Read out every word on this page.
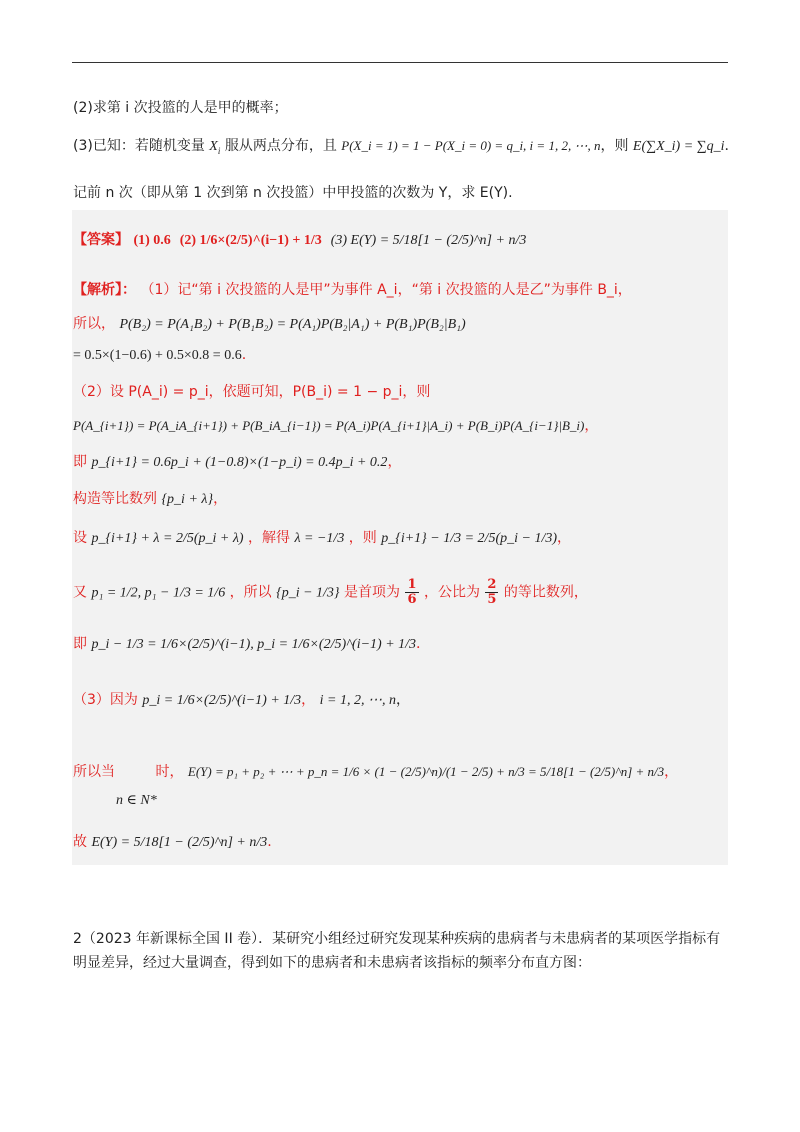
(2)求第 i 次投篮的人是甲的概率；
(3)已知：若随机变量 $X_i$ 服从两点分布，且 P(X_i = 1) = 1 − P(X_i = 0) = q_i, i = 1, 2, ⋯, n，则 E(∑X_i) = ∑q_i.
记前 n 次（即从第 1 次到第 n 次投篮）中甲投篮的次数为 Y，求 E(Y).
【答案】 (1) 0.6 (2) 1/6×(2/5)^(i−1) + 1/3 (3) E(Y) = 5/18[1 − (2/5)^n] + n/3
【解析】： （1）记“第 i 次投篮的人是甲”为事件 A_i，“第 i 次投篮的人是乙”为事件 B_i，
所以， P(B₂) = P(A₁B₂) + P(B₁B₂) = P(A₁)P(B₂|A₁) + P(B₁)P(B₂|B₁)
= 0.5×(1−0.6) + 0.5×0.8 = 0.6.
（2）设 P(A_i) = p_i，依题可知，P(B_i) = 1 − p_i，则
P(A_{i+1}) = P(A_iA_{i+1}) + P(B_iA_{i−1}) = P(A_i)P(A_{i+1}|A_i) + P(B_i)P(A_{i−1}|B_i)，
即 p_{i+1} = 0.6p_i + (1−0.8)×(1−p_i) = 0.4p_i + 0.2，
构造等比数列 {p_i + λ}，
设 p_{i+1} + λ = 2/5(p_i + λ) ，解得 λ = −1/3 ，则 p_{i+1} − 1/3 = 2/5(p_i − 1/3)，
又 p₁ = 1/2, p₁ − 1/3 = 1/6 ，所以 {p_i − 1/3} 是首项为 $\frac{1}{6}$ ，公比为 $\frac{2}{5}$ 的等比数列，
即 p_i − 1/3 = 1/6×(2/5)^(i−1), p_i = 1/6×(2/5)^(i−1) + 1/3.
（3）因为 p_i = 1/6×(2/5)^(i−1) + 1/3， i = 1, 2, ⋯, n，
所以当	时， E(Y) = p₁ + p₂ + ⋯ + p_n = 1/6 × (1 − (2/5)^n)/(1 − 2/5) + n/3 = 5/18[1 − (2/5)^n] + n/3，
n ∈ N*
故 E(Y) = 5/18[1 − (2/5)^n] + n/3.
2（2023 年新课标全国 II 卷）．某研究小组经过研究发现某种疾病的患病者与未患病者的某项医学指标有
明显差异，经过大量调查，得到如下的患病者和未患病者该指标的频率分布直方图：
